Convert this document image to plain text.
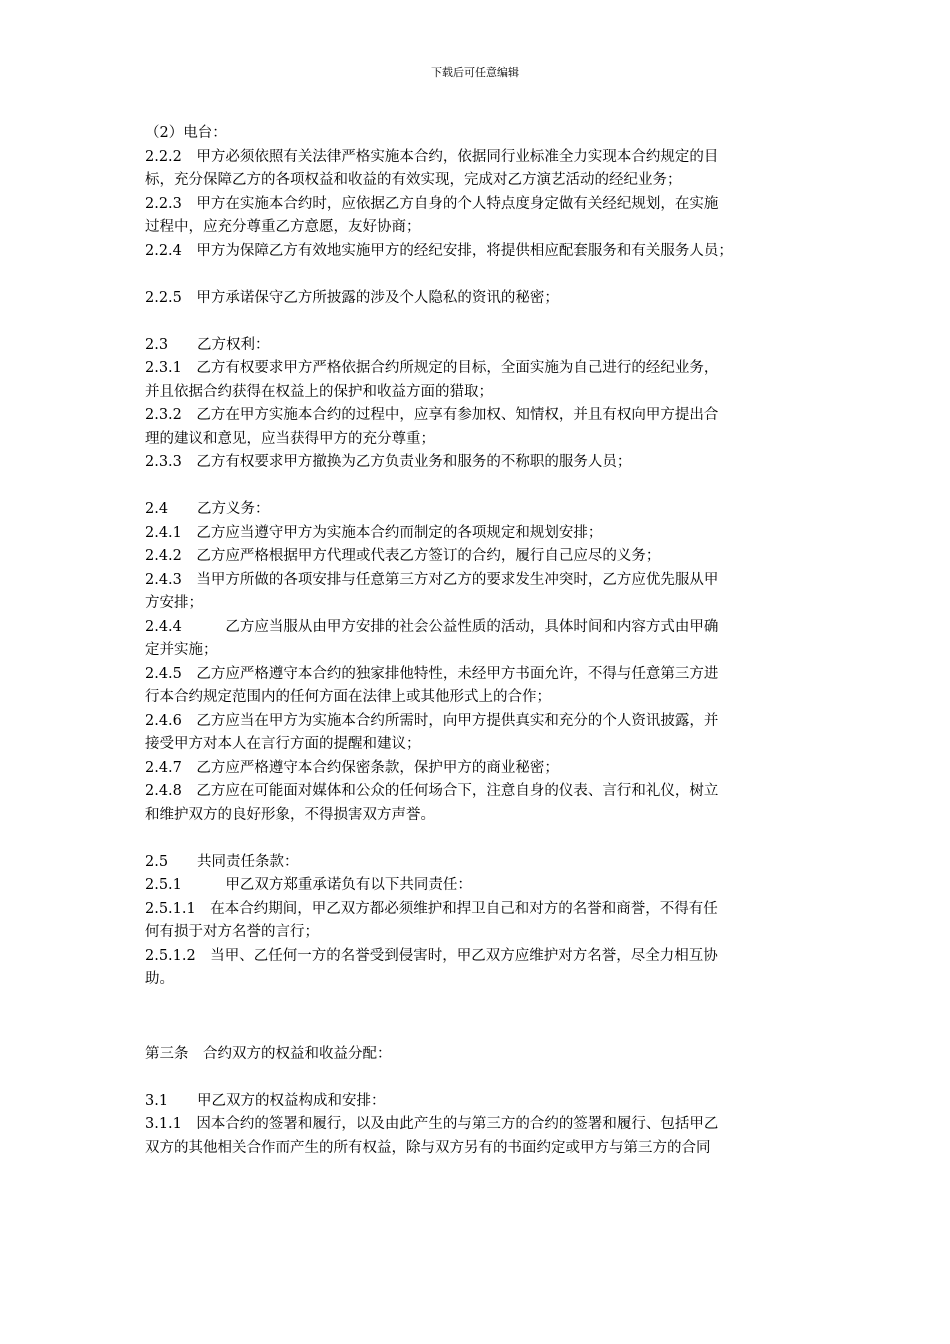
下载后可任意编辑
（2）电台：
2.2.2　甲方必须依照有关法律严格实施本合约，依据同行业标准全力实现本合约规定的目
标，充分保障乙方的各项权益和收益的有效实现，完成对乙方演艺活动的经纪业务；
2.2.3　甲方在实施本合约时，应依据乙方自身的个人特点度身定做有关经纪规划，在实施
过程中，应充分尊重乙方意愿，友好协商；
2.2.4　甲方为保障乙方有效地实施甲方的经纪安排，将提供相应配套服务和有关服务人员；
2.2.5　甲方承诺保守乙方所披露的涉及个人隐私的资讯的秘密；
2.3　　乙方权利：
2.3.1　乙方有权要求甲方严格依据合约所规定的目标，全面实施为自己进行的经纪业务，
并且依据合约获得在权益上的保护和收益方面的猎取；
2.3.2　乙方在甲方实施本合约的过程中，应享有参加权、知情权，并且有权向甲方提出合
理的建议和意见，应当获得甲方的充分尊重；
2.3.3　乙方有权要求甲方撤换为乙方负责业务和服务的不称职的服务人员；
2.4　　乙方义务：
2.4.1　乙方应当遵守甲方为实施本合约而制定的各项规定和规划安排；
2.4.2　乙方应严格根据甲方代理或代表乙方签订的合约，履行自己应尽的义务；
2.4.3　当甲方所做的各项安排与任意第三方对乙方的要求发生冲突时，乙方应优先服从甲
方安排；
2.4.4　　　乙方应当服从由甲方安排的社会公益性质的活动，具体时间和内容方式由甲确
定并实施；
2.4.5　乙方应严格遵守本合约的独家排他特性，未经甲方书面允许，不得与任意第三方进
行本合约规定范围内的任何方面在法律上或其他形式上的合作；
2.4.6　乙方应当在甲方为实施本合约所需时，向甲方提供真实和充分的个人资讯披露，并
接受甲方对本人在言行方面的提醒和建议；
2.4.7　乙方应严格遵守本合约保密条款，保护甲方的商业秘密；
2.4.8　乙方应在可能面对媒体和公众的任何场合下，注意自身的仪表、言行和礼仪，树立
和维护双方的良好形象，不得损害双方声誉。
2.5　　共同责任条款：
2.5.1　　　甲乙双方郑重承诺负有以下共同责任：
2.5.1.1　在本合约期间，甲乙双方都必须维护和捍卫自己和对方的名誉和商誉，不得有任
何有损于对方名誉的言行；
2.5.1.2　当甲、乙任何一方的名誉受到侵害时，甲乙双方应维护对方名誉，尽全力相互协
助。
第三条　合约双方的权益和收益分配：
3.1　　甲乙双方的权益构成和安排：
3.1.1　因本合约的签署和履行，以及由此产生的与第三方的合约的签署和履行、包括甲乙
双方的其他相关合作而产生的所有权益，除与双方另有的书面约定或甲方与第三方的合同
